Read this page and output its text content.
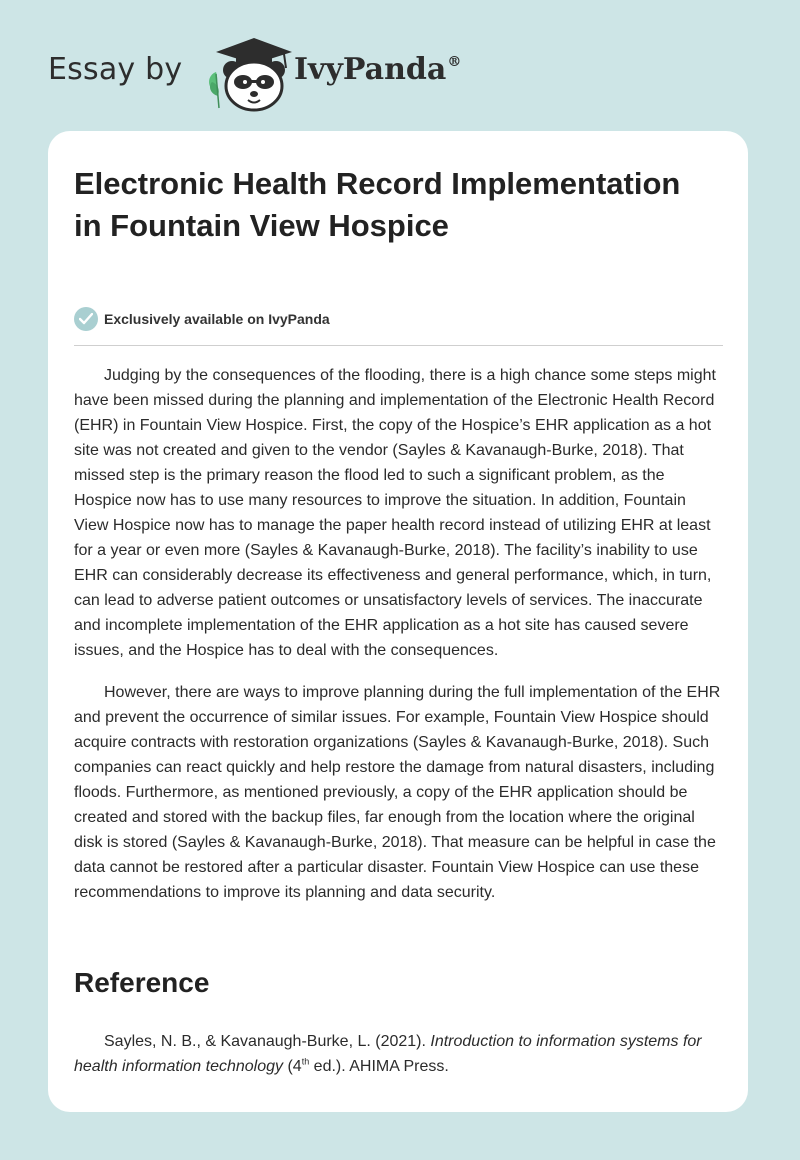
Essay by	IvyPanda®
Electronic Health Record Implementation in Fountain View Hospice
Exclusively available on IvyPanda

Judging by the consequences of the flooding, there is a high chance some steps might have been missed during the planning and implementation of the Electronic Health Record (EHR) in Fountain View Hospice. First, the copy of the Hospice’s EHR application as a hot site was not created and given to the vendor (Sayles & Kavanaugh-Burke, 2018). That missed step is the primary reason the flood led to such a significant problem, as the Hospice now has to use many resources to improve the situation. In addition, Fountain View Hospice now has to manage the paper health record instead of utilizing EHR at least for a year or even more (Sayles & Kavanaugh-Burke, 2018). The facility’s inability to use EHR can considerably decrease its effectiveness and general performance, which, in turn, can lead to adverse patient outcomes or unsatisfactory levels of services. The inaccurate and incomplete implementation of the EHR application as a hot site has caused severe issues, and the Hospice has to deal with the consequences.

However, there are ways to improve planning during the full implementation of the EHR and prevent the occurrence of similar issues. For example, Fountain View Hospice should acquire contracts with restoration organizations (Sayles & Kavanaugh-Burke, 2018). Such companies can react quickly and help restore the damage from natural disasters, including floods. Furthermore, as mentioned previously, a copy of the EHR application should be created and stored with the backup files, far enough from the location where the original disk is stored (Sayles & Kavanaugh-Burke, 2018). That measure can be helpful in case the data cannot be restored after a particular disaster. Fountain View Hospice can use these recommendations to improve its planning and data security.

Reference

Sayles, N. B., & Kavanaugh-Burke, L. (2021). Introduction to information systems for health information technology (4th ed.). AHIMA Press.
